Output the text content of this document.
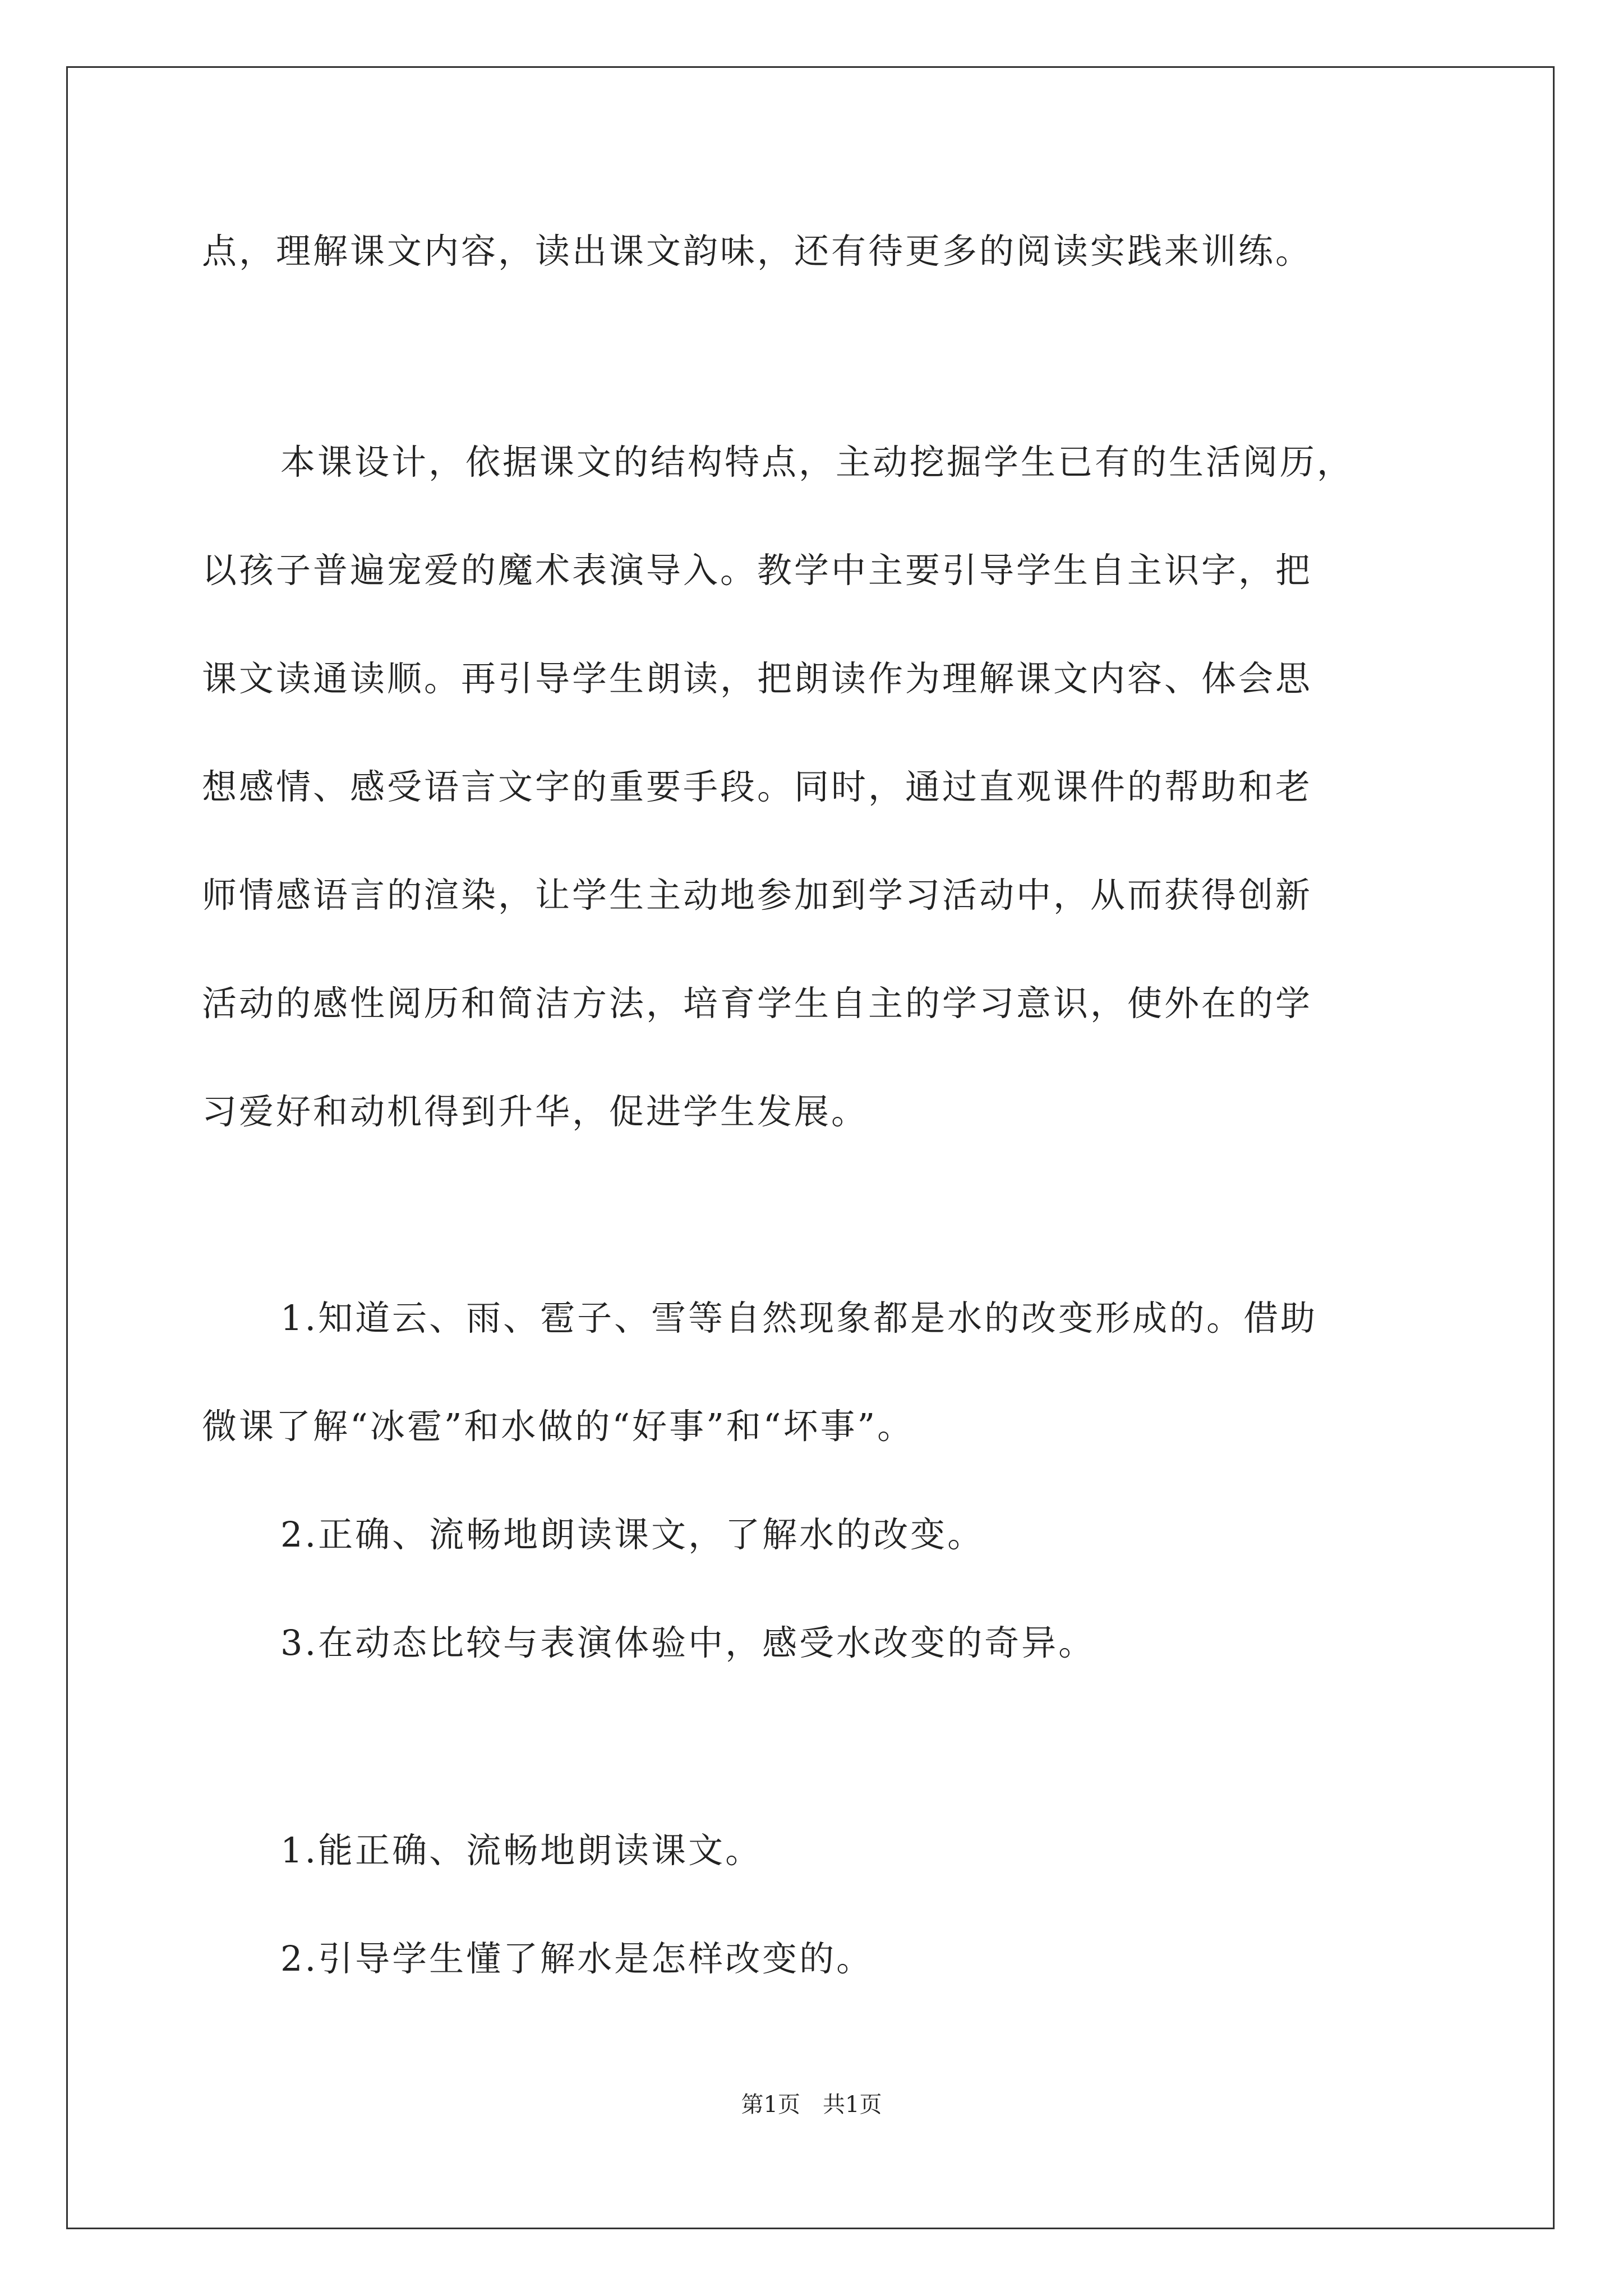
点，理解课文内容，读出课文韵味，还有待更多的阅读实践来训练。
本课设计，依据课文的结构特点，主动挖掘学生已有的生活阅历，
以孩子普遍宠爱的魔术表演导入。教学中主要引导学生自主识字，把
课文读通读顺。再引导学生朗读，把朗读作为理解课文内容、体会思
想感情、感受语言文字的重要手段。同时，通过直观课件的帮助和老
师情感语言的渲染，让学生主动地参加到学习活动中，从而获得创新
活动的感性阅历和简洁方法，培育学生自主的学习意识，使外在的学
习爱好和动机得到升华，促进学生发展。
1.知道云、雨、雹子、雪等自然现象都是水的改变形成的。借助
微课了解“冰雹”和水做的“好事”和“坏事”。
2.正确、流畅地朗读课文，了解水的改变。
3.在动态比较与表演体验中，感受水改变的奇异。
1.能正确、流畅地朗读课文。
2.引导学生懂了解水是怎样改变的。
第1页 共1页
